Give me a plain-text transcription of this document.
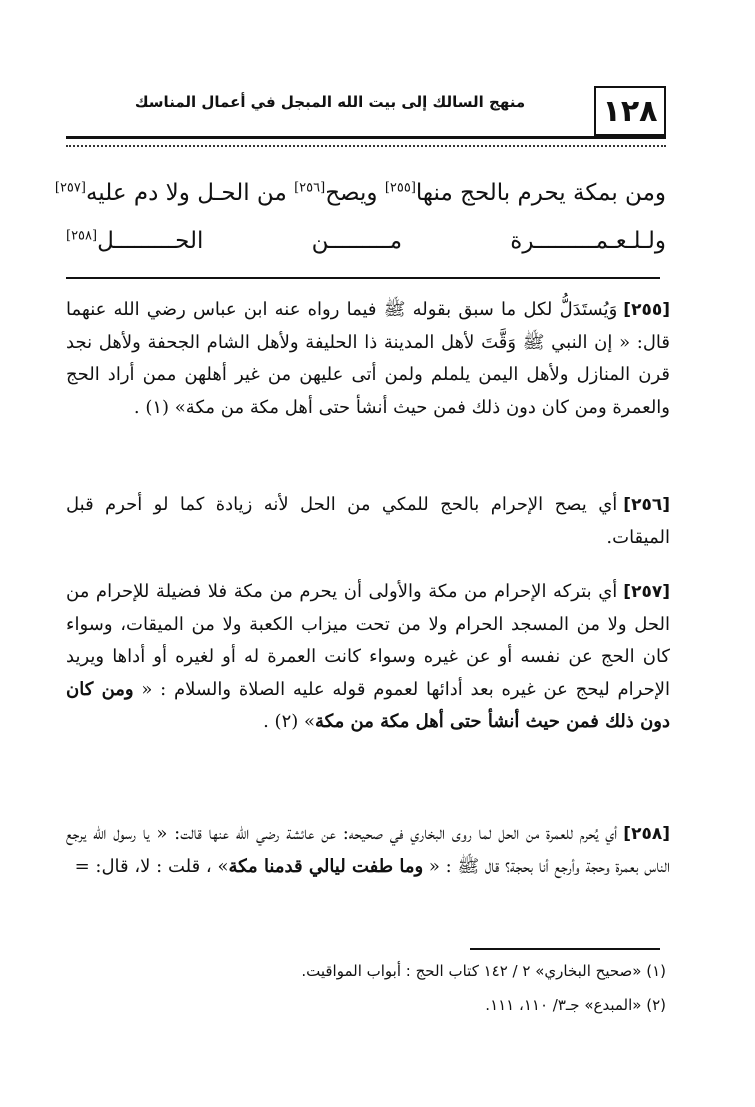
١٢٨
منهج السالك إلى بيت الله المبجل في أعمال المناسك
ومن بمكة يحرم بالحج منها[٢٥٥] ويصح[٢٥٦] من الحـل ولا دم عليه[٢٥٧]
ولـلـعـمـــــــــرة مـــــــــن الحـــــــــل[٢٥٨]

[٢٥٥]وَيُستَدَلُّ لكل ما سبق بقوله ﷺ فيما رواه عنه ابن عباس رضي الله عنهما قال: « إن النبي ﷺ وَقَّتَ لأهل المدينة ذا الحليفة ولأهل الشام الجحفة ولأهل نجد قرن المنازل ولأهل اليمن يلملم ولمن أتى عليهن من غير أهلهن ممن أراد الحج والعمرة ومن كان دون ذلك فمن حيث أنشأ حتى أهل مكة من مكة» (١) .

[٢٥٦]أي يصح الإحرام بالحج للمكي من الحل لأنه زيادة كما لو أحرم قبل الميقات.

[٢٥٧]أي بتركه الإحرام من مكة والأولى أن يحرم من مكة فلا فضيلة للإحرام من الحل ولا من المسجد الحرام ولا من تحت ميزاب الكعبة ولا من الميقات، وسواء كان الحج عن نفسه أو عن غيره وسواء كانت العمرة له أو لغيره أو أداها ويريد الإحرام ليحج عن غيره بعد أدائها لعموم قوله عليه الصلاة والسلام : « ومن كان دون ذلك فمن حيث أنشأ حتى أهل مكة من مكة» (٢) .

[٢٥٨]أي يُحرم للعمرة من الحل لما روى البخاري في صحيحه: عن عائشة رضي الله عنها قالت: « يا رسول الله يرجع الناس بعمرة وحجة وأرجع أنا بحجة؟ قال ﷺ : « وما طفت ليالي قدمنا مكة» ، قلت : لا، قال: =

(١) «صحيح البخاري» ٢ / ١٤٢ كتاب الحج : أبواب المواقيت.
(٢) «المبدع» جـ٣/ ١١٠، ١١١.
